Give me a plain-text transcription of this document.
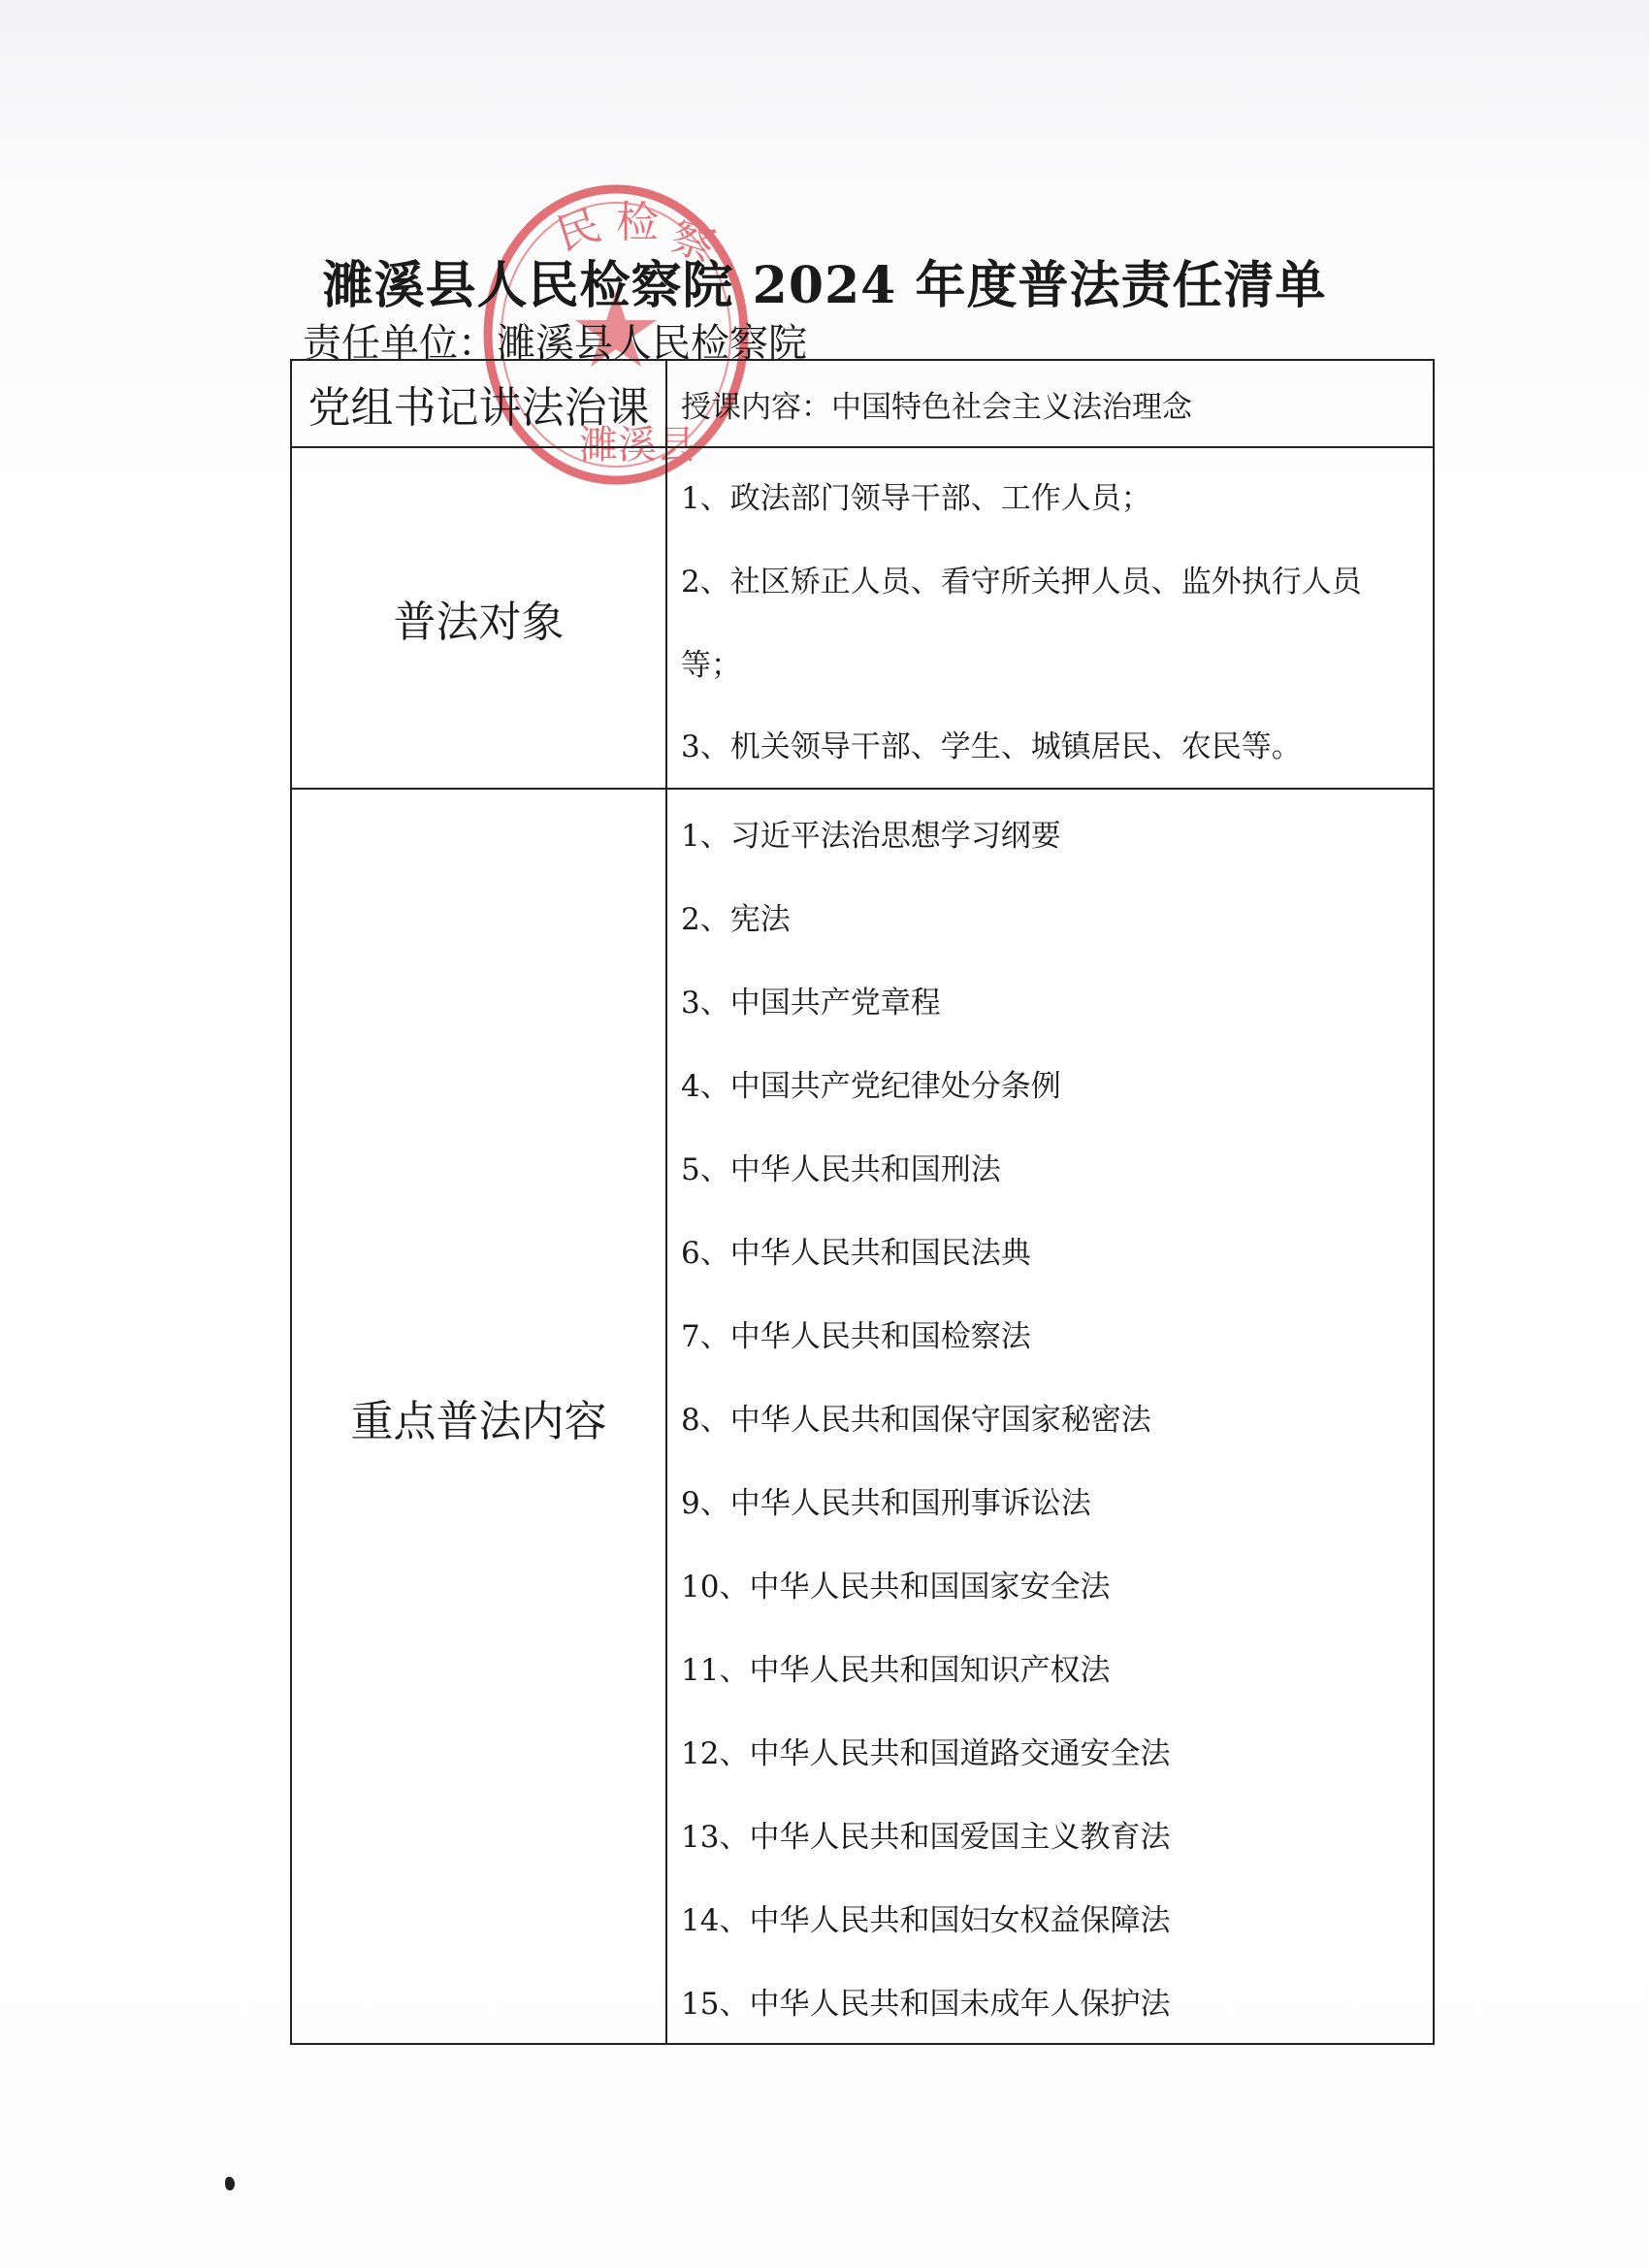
民 检 察
濉溪县
濉溪县人民检察院 2024 年度普法责任清单
责任单位：濉溪县人民检察院
党组书记讲法治课	授课内容：中国特色社会主义法治理念
普法对象
1、政法部门领导干部、工作人员；
2、社区矫正人员、看守所关押人员、监外执行人员
等；
3、机关领导干部、学生、城镇居民、农民等。
重点普法内容
1、习近平法治思想学习纲要
2、宪法
3、中国共产党章程
4、中国共产党纪律处分条例
5、中华人民共和国刑法
6、中华人民共和国民法典
7、中华人民共和国检察法
8、中华人民共和国保守国家秘密法
9、中华人民共和国刑事诉讼法
10、中华人民共和国国家安全法
11、中华人民共和国知识产权法
12、中华人民共和国道路交通安全法
13、中华人民共和国爱国主义教育法
14、中华人民共和国妇女权益保障法
15、中华人民共和国未成年人保护法
